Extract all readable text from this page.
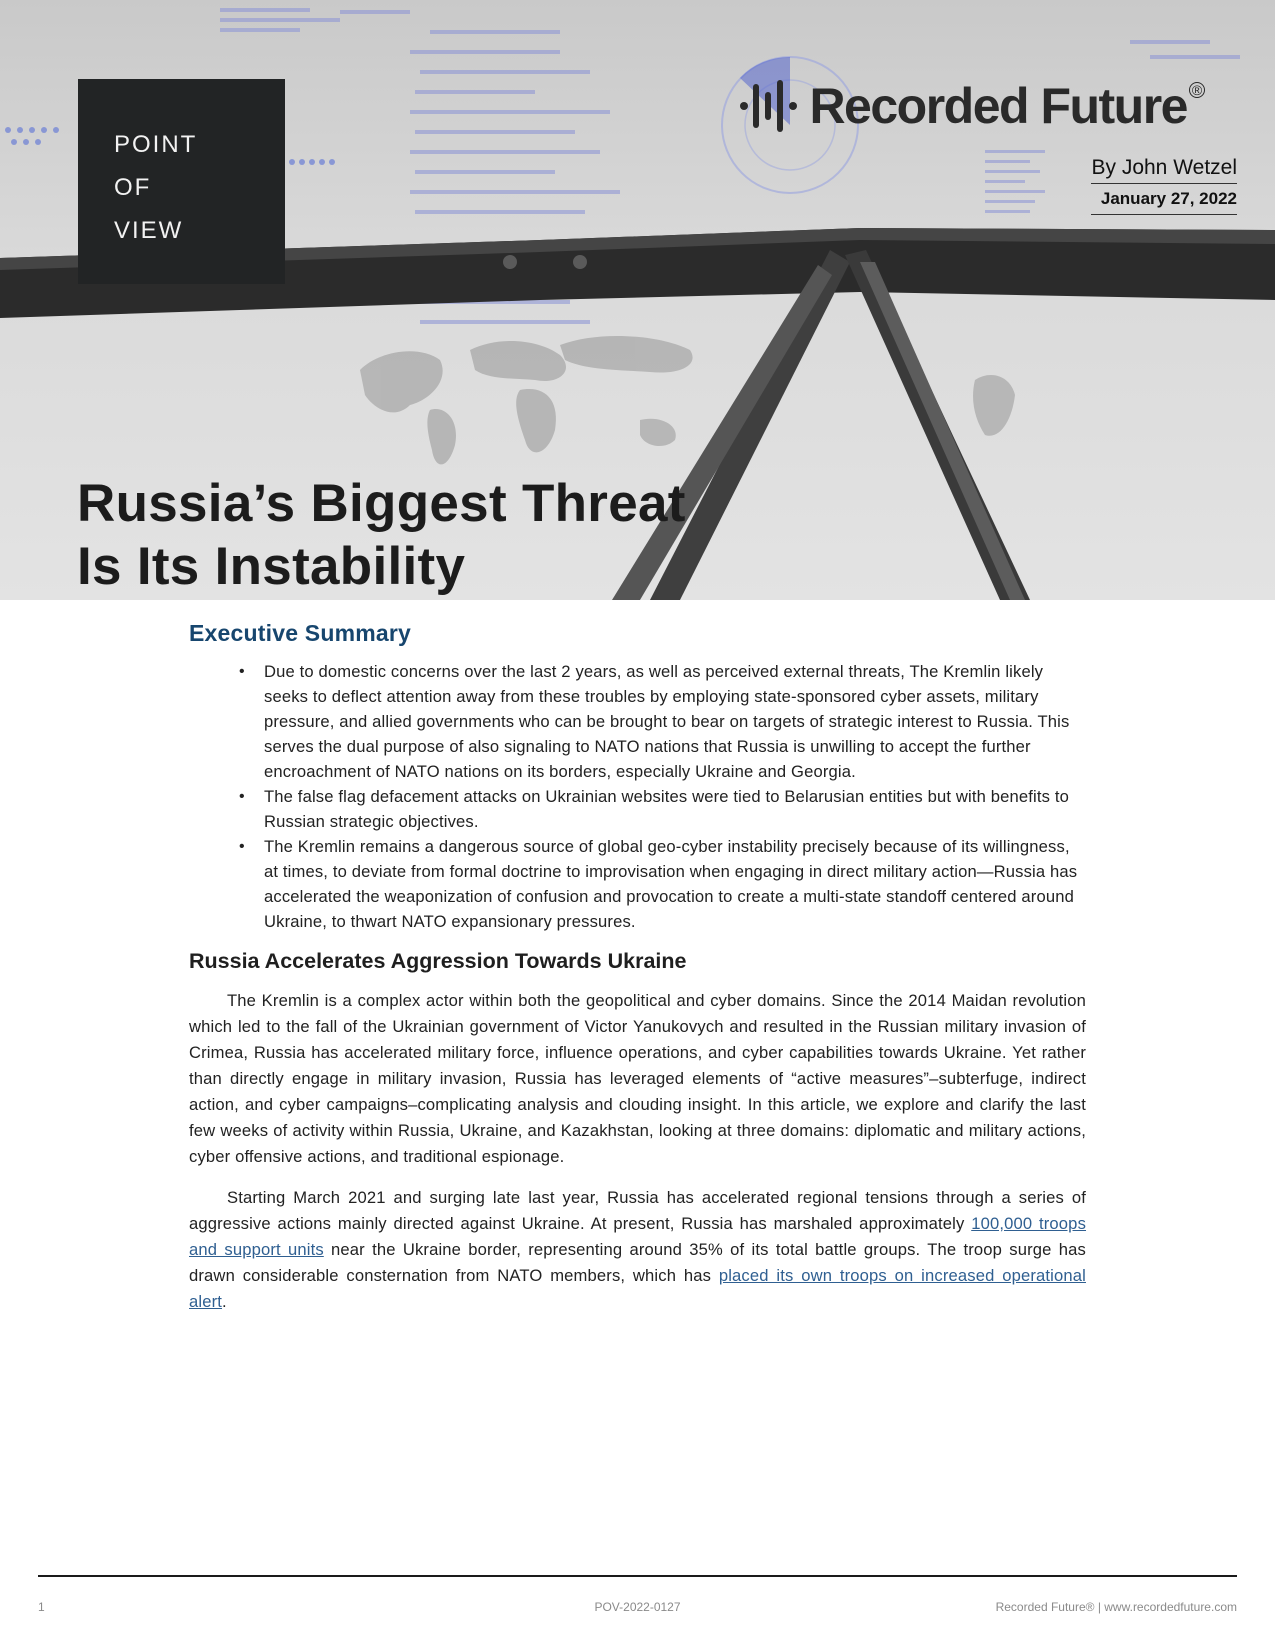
POINT
OF
VIEW
Recorded Future ®
By John Wetzel
January 27, 2022
Russia’s Biggest Threat
Is Its Instability
Executive Summary
• Due to domestic concerns over the last 2 years, as well as perceived external threats, The Kremlin likely seeks to deflect attention away from these troubles by employing state-sponsored cyber assets, military pressure, and allied governments who can be brought to bear on targets of strategic interest to Russia. This serves the dual purpose of also signaling to NATO nations that Russia is unwilling to accept the further encroachment of NATO nations on its borders, especially Ukraine and Georgia.
• The false flag defacement attacks on Ukrainian websites were tied to Belarusian entities but with benefits to Russian strategic objectives.
• The Kremlin remains a dangerous source of global geo-cyber instability precisely because of its willingness, at times, to deviate from formal doctrine to improvisation when engaging in direct military action—Russia has accelerated the weaponization of confusion and provocation to create a multi-state standoff centered around Ukraine, to thwart NATO expansionary pressures.
Russia Accelerates Aggression Towards Ukraine

The Kremlin is a complex actor within both the geopolitical and cyber domains. Since the 2014 Maidan revolution which led to the fall of the Ukrainian government of Victor Yanukovych and resulted in the Russian military invasion of Crimea, Russia has accelerated military force, influence operations, and cyber capabilities towards Ukraine. Yet rather than directly engage in military invasion, Russia has leveraged elements of “active measures”–subterfuge, indirect action, and cyber campaigns–complicating analysis and clouding insight. In this article, we explore and clarify the last few weeks of activity within Russia, Ukraine, and Kazakhstan, looking at three domains: diplomatic and military actions, cyber offensive actions, and traditional espionage.

Starting March 2021 and surging late last year, Russia has accelerated regional tensions through a series of aggressive actions mainly directed against Ukraine. At present, Russia has marshaled approximately 100,000 troops and support units near the Ukraine border, representing around 35% of its total battle groups. The troop surge has drawn considerable consternation from NATO members, which has placed its own troops on increased operational alert.

1	POV-2022-0127	Recorded Future® | www.recordedfuture.com
